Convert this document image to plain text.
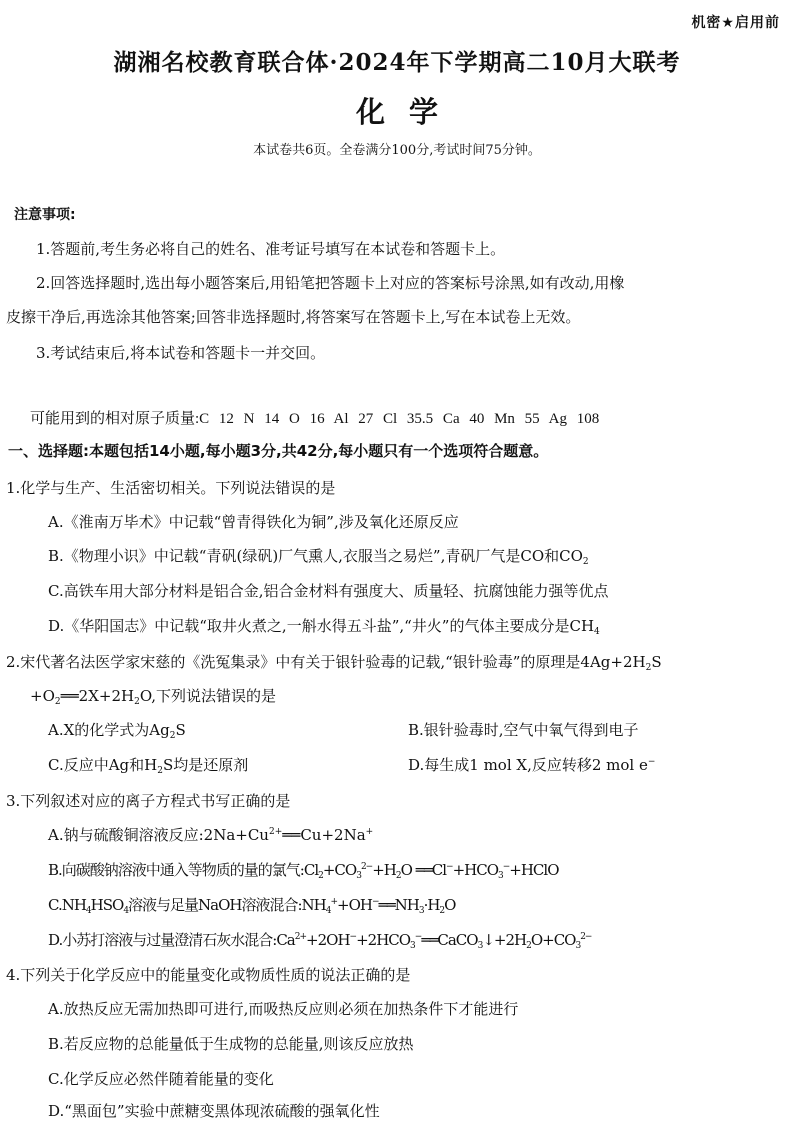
机密★启用前
湖湘名校教育联合体·2024年下学期高二10月大联考
化学
本试卷共6页。全卷满分100分,考试时间75分钟。
注意事项:
1.答题前,考生务必将自己的姓名、准考证号填写在本试卷和答题卡上。
2.回答选择题时,选出每小题答案后,用铅笔把答题卡上对应的答案标号涂黑,如有改动,用橡
皮擦干净后,再选涂其他答案;回答非选择题时,将答案写在答题卡上,写在本试卷上无效。
3.考试结束后,将本试卷和答题卡一并交回。
可能用到的相对原子质量:C 12 N 14 O 16 Al 27 Cl 35.5 Ca 40 Mn 55 Ag 108
一、选择题:本题包括14小题,每小题3分,共42分,每小题只有一个选项符合题意。
1.化学与生产、生活密切相关。下列说法错误的是
A.《淮南万毕术》中记载“曾青得铁化为铜”,涉及氧化还原反应
B.《物理小识》中记载“青矾(绿矾)厂气熏人,衣服当之易烂”,青矾厂气是CO和$CO_2$
C.高铁车用大部分材料是铝合金,铝合金材料有强度大、质量轻、抗腐蚀能力强等优点
D.《华阳国志》中记载“取井火煮之,一斛水得五斗盐”,“井火”的气体主要成分是$CH_4$
2.宋代著名法医学家宋慈的《洗冤集录》中有关于银针验毒的记载,“银针验毒”的原理是$4Ag+2H_2S$
$+O_2══2X+2H_2O$,下列说法错误的是
A.X的化学式为$Ag_2S$	B.银针验毒时,空气中氧气得到电子
C.反应中Ag和$H_2S$均是还原剂	D.每生成1 mol X,反应转移2 mol e−
3.下列叙述对应的离子方程式书写正确的是
A.钠与硫酸铜溶液反应$:2Na+Cu^{2+}══Cu+2Na^+$
B.向碳酸钠溶液中通入等物质的量的氯气$:Cl_2+CO_3^{2-}+H_2O$ $══Cl^-+HCO_3^-+HClO$
$C.NH_4HSO_4$溶液与足量NaOH溶液混合$:NH_4^++OH^-══NH_3\cdot H_2O$
D.小苏打溶液与过量澄清石灰水混合$:Ca^{2+}+2OH^-+2HCO_3^-══CaCO_3↓+2H_2O+CO_3^{2-}$
4.下列关于化学反应中的能量变化或物质性质的说法正确的是
A.放热反应无需加热即可进行,而吸热反应则必须在加热条件下才能进行
B.若反应物的总能量低于生成物的总能量,则该反应放热
C.化学反应必然伴随着能量的变化
D.“黑面包”实验中蔗糖变黑体现浓硫酸的强氧化性
